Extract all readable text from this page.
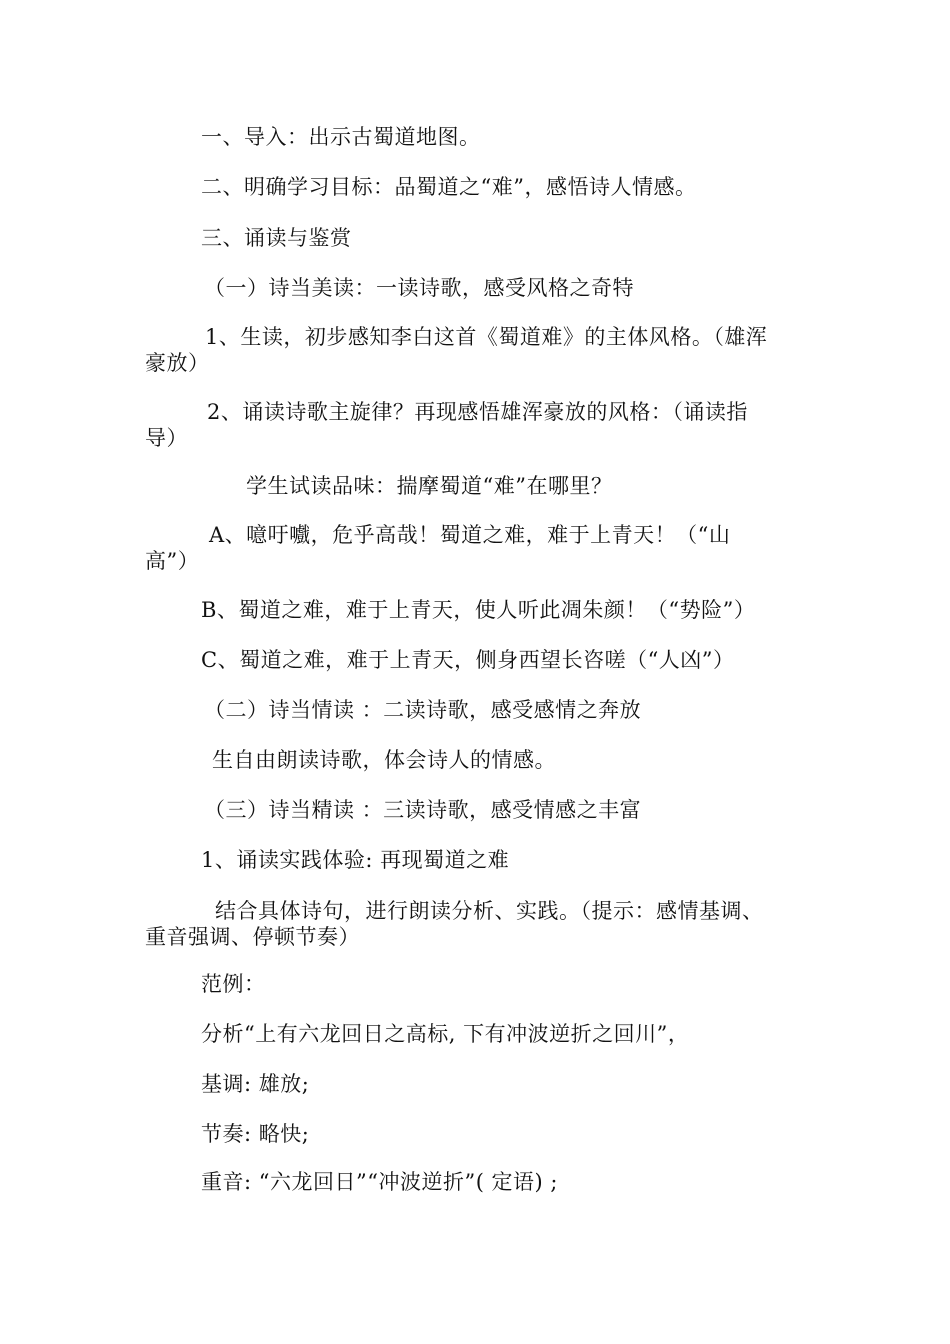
一、导入：出示古蜀道地图。
二、明确学习目标：品蜀道之“难”，感悟诗人情感。
三、诵读与鉴赏
（一）诗当美读：一读诗歌，感受风格之奇特
1、生读，初步感知李白这首《蜀道难》的主体风格。（雄浑
豪放）
2、诵读诗歌主旋律？再现感悟雄浑豪放的风格：（诵读指
导）
学生试读品味：揣摩蜀道“难”在哪里？
A、噫吁嚱，危乎高哉！蜀道之难，难于上青天！（“山
高”）
B、蜀道之难，难于上青天，使人听此凋朱颜！（“势险”）
C、蜀道之难，难于上青天，侧身西望长咨嗟（“人凶”）
（二）诗当情读 ：二读诗歌，感受感情之奔放
生自由朗读诗歌，体会诗人的情感。
（三）诗当精读 ：三读诗歌，感受情感之丰富
1、诵读实践体验: 再现蜀道之难
结合具体诗句，进行朗读分析、实践。（提示：感情基调、
重音强调、停顿节奏）
范例：
分析“上有六龙回日之高标, 下有冲波逆折之回川”，
基调: 雄放;
节奏: 略快;
重音: “六龙回日”“冲波逆折”( 定语) ;
